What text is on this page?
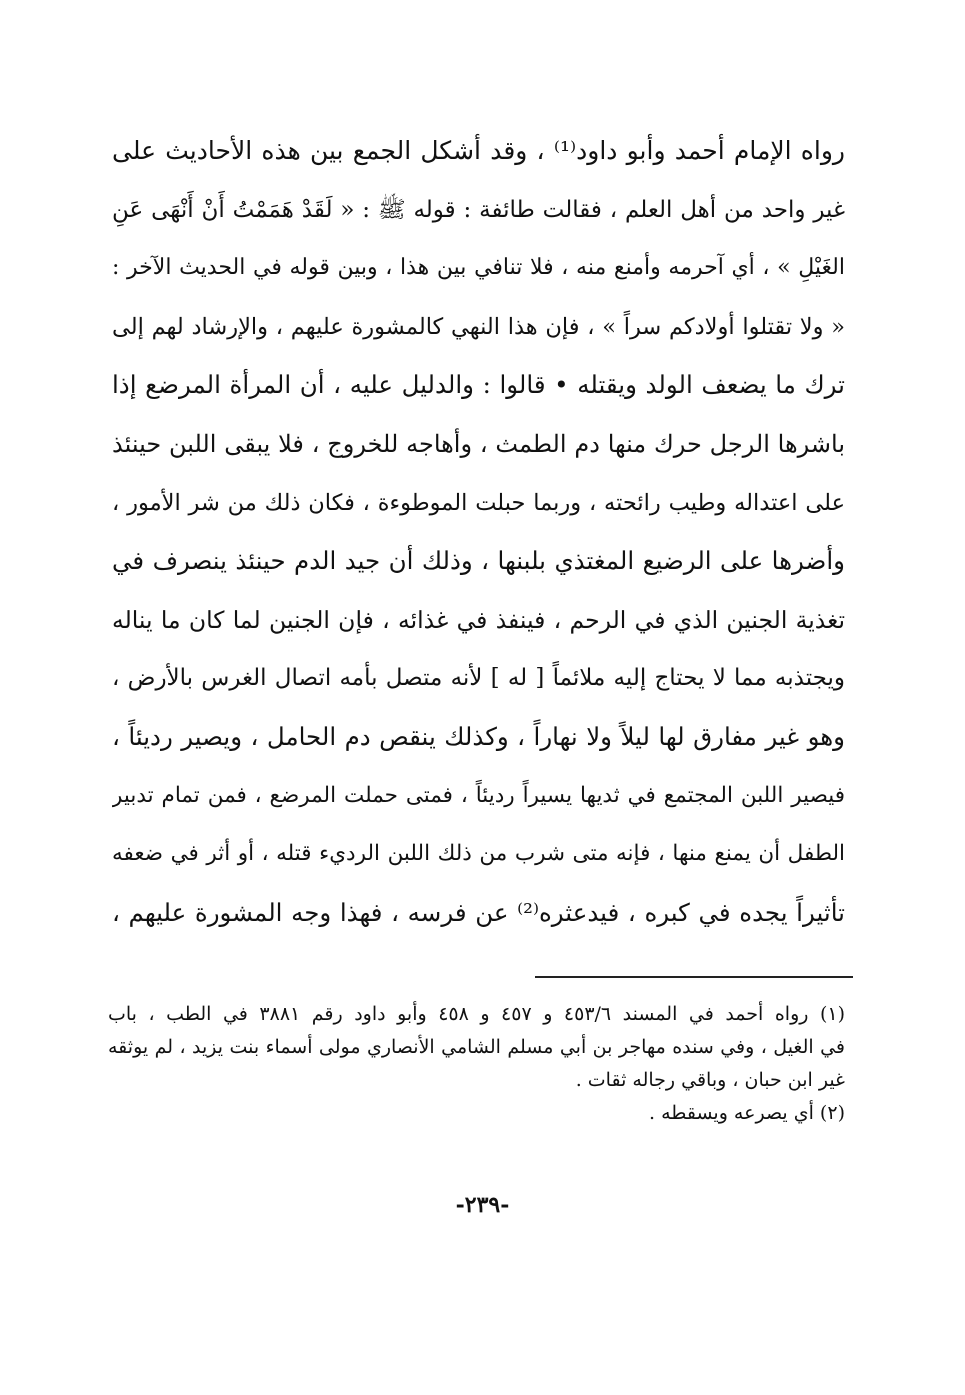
رواه الإمام أحمد وأبو داود⁽¹⁾ ، وقد أشكل الجمع بين هذه الأحاديث على
غير واحد من أهل العلم ، فقالت طائفة : قوله ﷺ : « لَقَدْ هَمَمْتُ أَنْ أَنْهَى عَنِ
الغَيْلِ » ، أي آحرمه وأمنع منه ، فلا تنافي بين هذا ، وبين قوله في الحديث الآخر :
« ولا تقتلوا أولادكم سراً » ، فإن هذا النهي كالمشورة عليهم ، والإرشاد لهم إلى
ترك ما يضعف الولد ويقتله • قالوا : والدليل عليه ، أن المرأة المرضع إذا
باشرها الرجل حرك منها دم الطمث ، وأهاجه للخروج ، فلا يبقى اللبن حينئذ
على اعتداله وطيب رائحته ، وربما حبلت الموطوءة ، فكان ذلك من شر الأمور ،
وأضرها على الرضيع المغتذي بلبنها ، وذلك أن جيد الدم حينئذ ينصرف في
تغذية الجنين الذي في الرحم ، فينفذ في غذائه ، فإن الجنين لما كان ما يناله
ويجتذبه مما لا يحتاج إليه ملائماً [ له ] لأنه متصل بأمه اتصال الغرس بالأرض ،
وهو غير مفارق لها ليلاً ولا نهاراً ، وكذلك ينقص دم الحامل ، ويصير رديئاً ،
فيصير اللبن المجتمع في ثديها يسيراً رديئاً ، فمتى حملت المرضع ، فمن تمام تدبير
الطفل أن يمنع منها ، فإنه متى شرب من ذلك اللبن الرديء قتله ، أو أثر في ضعفه
تأثيراً يجده في كبره ، فيدعثره⁽²⁾ عن فرسه ، فهذا وجه المشورة عليهم ،
(١) رواه أحمد في المسند ٤٥٣/٦ و ٤٥٧ و ٤٥٨ وأبو داود رقم ٣٨٨١ في الطب ، باب
في الغيل ، وفي سنده مهاجر بن أبي مسلم الشامي الأنصاري مولى أسماء بنت يزيد ، لم يوثقه
غير ابن حبان ، وباقي رجاله ثقات .
(٢) أي يصرعه ويسقطه .
-٢٣٩-
